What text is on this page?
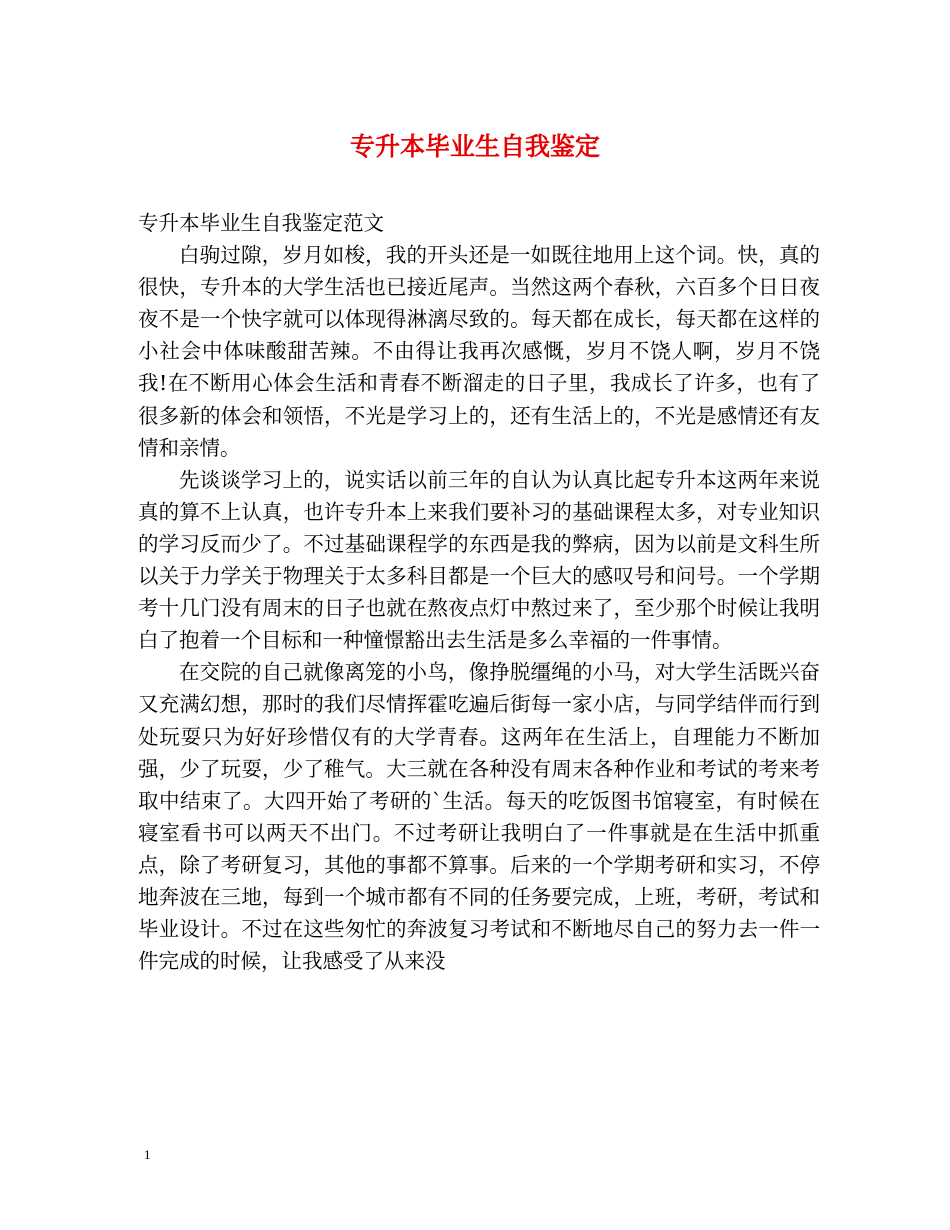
专升本毕业生自我鉴定

专升本毕业生自我鉴定范文

白驹过隙，岁月如梭，我的开头还是一如既往地用上这个词。快，真的很快，专升本的大学生活也已接近尾声。当然这两个春秋，六百多个日日夜夜不是一个快字就可以体现得淋漓尽致的。每天都在成长，每天都在这样的小社会中体味酸甜苦辣。不由得让我再次感慨，岁月不饶人啊，岁月不饶我!在不断用心体会生活和青春不断溜走的日子里，我成长了许多，也有了很多新的体会和领悟，不光是学习上的，还有生活上的，不光是感情还有友情和亲情。

先谈谈学习上的，说实话以前三年的自认为认真比起专升本这两年来说真的算不上认真，也许专升本上来我们要补习的基础课程太多，对专业知识的学习反而少了。不过基础课程学的东西是我的弊病，因为以前是文科生所以关于力学关于物理关于太多科目都是一个巨大的感叹号和问号。一个学期考十几门没有周末的日子也就在熬夜点灯中熬过来了，至少那个时候让我明白了抱着一个目标和一种憧憬豁出去生活是多么幸福的一件事情。

在交院的自己就像离笼的小鸟，像挣脱缰绳的小马，对大学生活既兴奋又充满幻想，那时的我们尽情挥霍吃遍后街每一家小店，与同学结伴而行到处玩耍只为好好珍惜仅有的大学青春。这两年在生活上，自理能力不断加强，少了玩耍，少了稚气。大三就在各种没有周末各种作业和考试的考来考取中结束了。大四开始了考研的`生活。每天的吃饭图书馆寝室，有时候在寝室看书可以两天不出门。不过考研让我明白了一件事就是在生活中抓重点，除了考研复习，其他的事都不算事。后来的一个学期考研和实习，不停地奔波在三地，每到一个城市都有不同的任务要完成，上班，考研，考试和毕业设计。不过在这些匆忙的奔波复习考试和不断地尽自己的努力去一件一件完成的时候，让我感受了从来没

1
